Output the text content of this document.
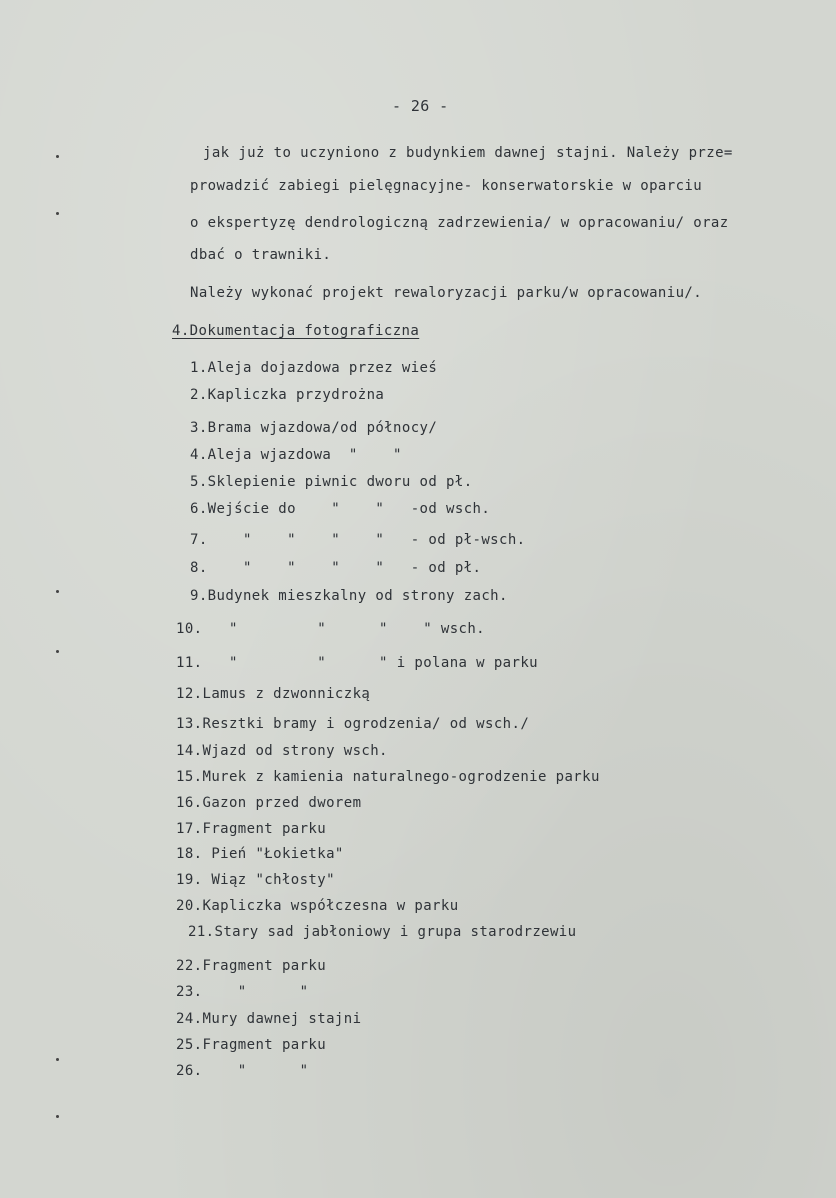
- 26 -
jak już to uczyniono z budynkiem dawnej stajni. Należy prze=
prowadzić zabiegi pielęgnacyjne- konserwatorskie w oparciu
o ekspertyzę dendrologiczną zadrzewienia/ w opracowaniu/ oraz
dbać o trawniki.
Należy wykonać projekt rewaloryzacji parku/w opracowaniu/.
4.Dokumentacja fotograficzna
1.Aleja dojazdowa przez wieś
2.Kapliczka przydrożna
3.Brama wjazdowa/od północy/
4.Aleja wjazdowa  "    "
5.Sklepienie piwnic dworu od pł.
6.Wejście do    "    "   -od wsch.
7.    "    "    "    "   - od pł-wsch.
8.    "    "    "    "   - od pł.
9.Budynek mieszkalny od strony zach.
10.   "         "      "    " wsch.
11.   "         "      " i polana w parku
12.Lamus z dzwonniczką
13.Resztki bramy i ogrodzenia/ od wsch./
14.Wjazd od strony wsch.
15.Murek z kamienia naturalnego-ogrodzenie parku
16.Gazon przed dworem
17.Fragment parku
18. Pień "Łokietka"
19. Wiąz "chłosty"
20.Kapliczka współczesna w parku
21.Stary sad jabłoniowy i grupa starodrzewiu
22.Fragment parku
23.    "      "
24.Mury dawnej stajni
25.Fragment parku
26.    "      "
